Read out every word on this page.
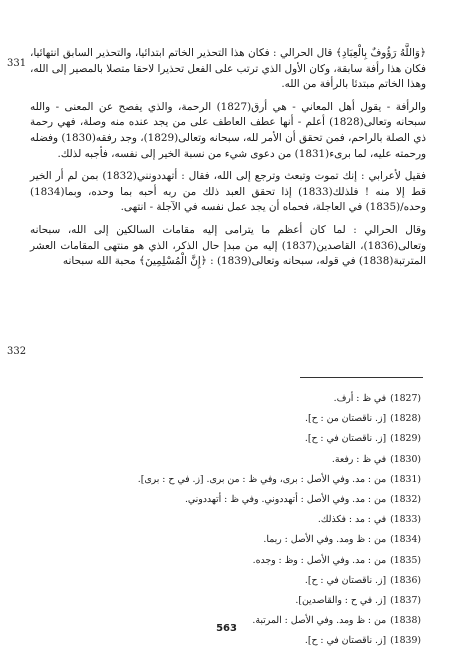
331
332

﴿وَاللَّهُ رَؤُوفٌ بِالْعِبَادِ﴾ قال الحرالي : فكان هذا التحذير الخاتم ابتدائيا، والتحذير السابق انتهائيا، فكان هذا رأفة سابقة، وكان الأول الذي ترتب على الفعل تحذيرا لاحقا متصلا بالمصير إلى الله، وهذا الخاتم مبتدئا بالرأفة من الله.

والرأفة - يقول أهل المعاني - هي أرق(1827) الرحمة، والذي يفصح عن المعنى - والله سبحانه وتعالى(1828) أعلم - أنها عطف العاطف على من يجد عنده منه وصلة، فهي رحمة ذي الصلة بالراحم، فمن تحقق أن الأمر لله، سبحانه وتعالى(1829)، وجد رفقه(1830) وفضله ورحمته عليه، لما برىء(1831) من دعوى شيء من نسبة الخير إلى نفسه، فأجبه لذلك.

فقيل لأعرابي : إنك تموت وتبعث وترجع إلى الله، فقال : أتهددونني(1832) بمن لم أر الخير قط إلا منه ! فلذلك(1833) إذا تحقق العبد ذلك من ربه أحبه بما وحده، وبما(1834) وحده/(1835) في العاجلة، فحماه أن يجد عمل نفسه في الآجلة - انتهى.

وقال الحرالي : لما كان أعظم ما يترامى إليه مقامات السالكين إلى الله، سبحانه وتعالى(1836)، القاصدين(1837) إليه من مبدإ حال الذكر، الذي هو منتهى المقامات العشر المترتبة(1838) في قوله، سبحانه وتعالى(1839) : ﴿إِنَّ الْمُسْلِمِينَ﴾ محبة الله سبحانه

(1827)في ظ : أرف.
(1828)[ز. ناقصتان من : ح].
(1829)[ز. ناقصتان في : ح].
(1830)في ظ : رفعة.
(1831)من : مد. وفي الأصل : برى، وفي ظ : من برى. [ز. في ح : برى].
(1832)من : مد. وفي الأصل : أتهددوني. وفي ظ : أتهددوني.
(1833)في : مد : فكذلك.
(1834)من : ظ ومد. وفي الأصل : ربما.
(1835)من : مد. وفي الأصل : وظ : وجده.
(1836)[ز. ناقصتان في : ح].
(1837)[ز. في ح : والقاصدين].
(1838)من : ظ ومد. وفي الأصل : المرتبة.
(1839)[ز. ناقصتان في : ح].
563
